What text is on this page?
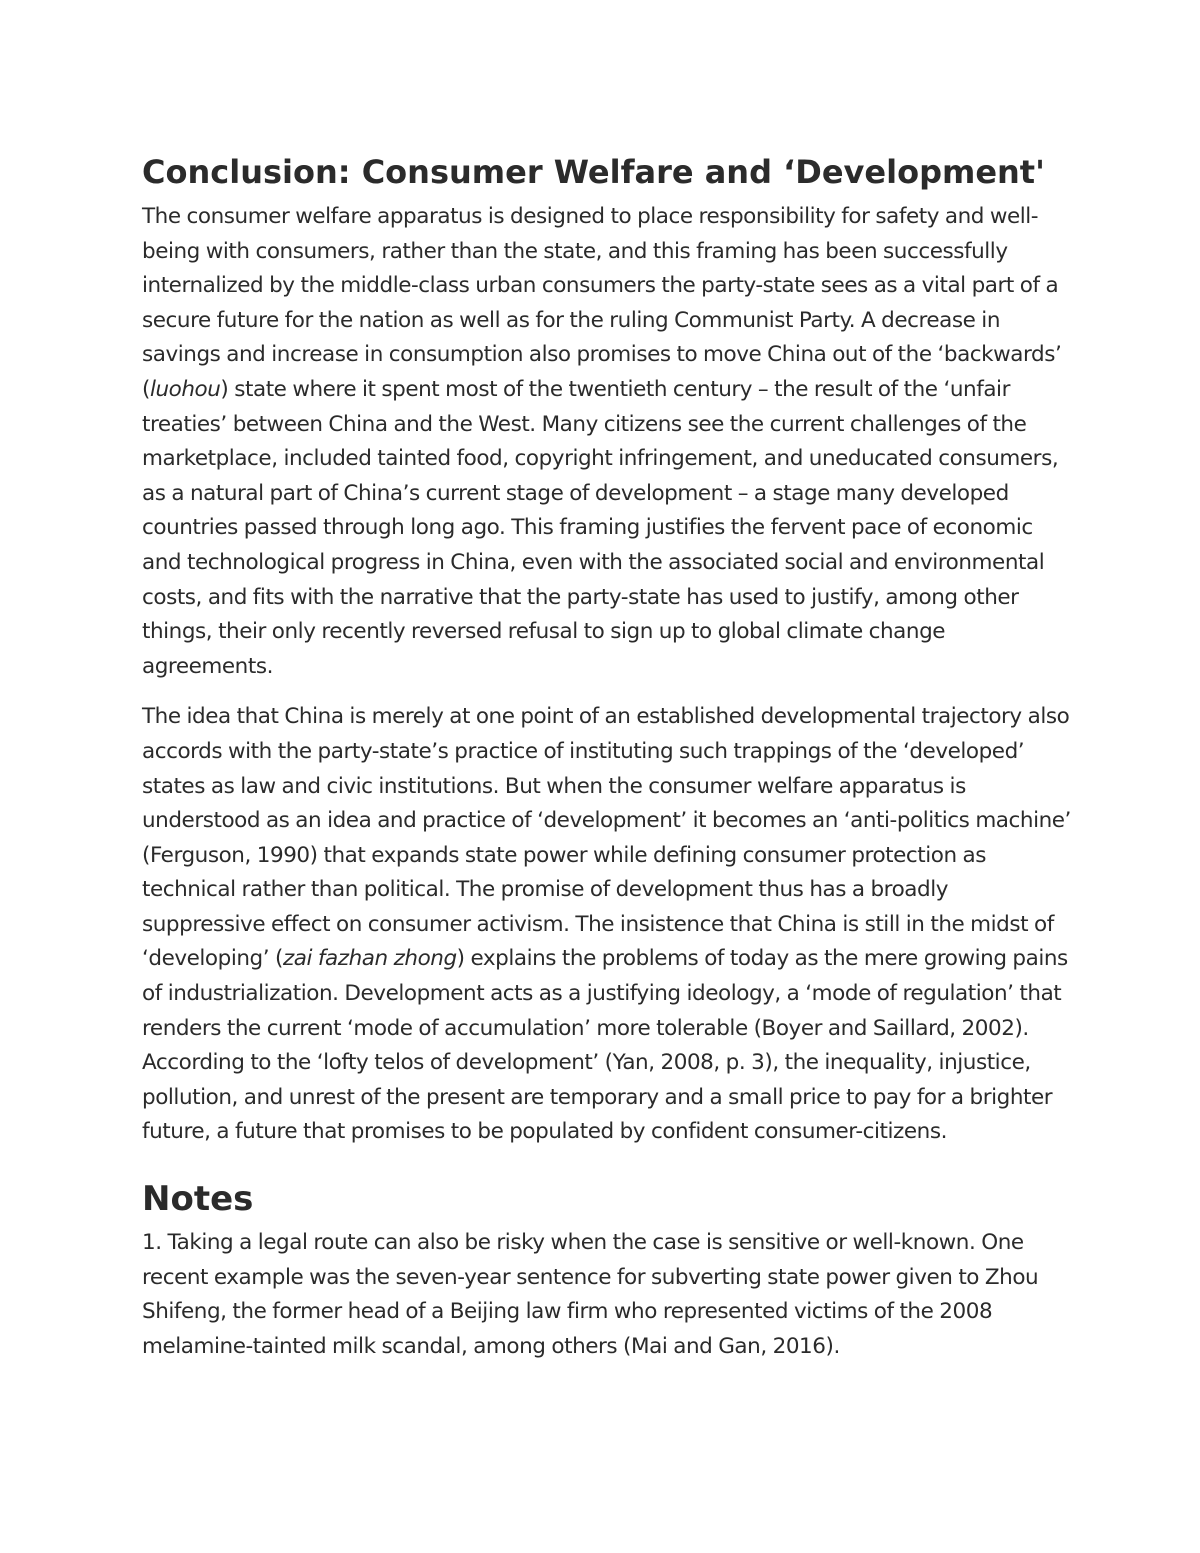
Conclusion: Consumer Welfare and ‘Development'

The consumer welfare apparatus is designed to place responsibility for safety and well-being with consumers, rather than the state, and this framing has been successfully internalized by the middle-class urban consumers the party-state sees as a vital part of a secure future for the nation as well as for the ruling Communist Party. A decrease in savings and increase in consumption also promises to move China out of the ‘backwards’ (luohou) state where it spent most of the twentieth century – the result of the ‘unfair treaties’ between China and the West. Many citizens see the current challenges of the marketplace, included tainted food, copyright infringement, and uneducated consumers, as a natural part of China’s current stage of development – a stage many developed countries passed through long ago. This framing justifies the fervent pace of economic and technological progress in China, even with the associated social and environmental costs, and fits with the narrative that the party-state has used to justify, among other things, their only recently reversed refusal to sign up to global climate change agreements.

The idea that China is merely at one point of an established developmental trajectory also accords with the party-state’s practice of instituting such trappings of the ‘developed’ states as law and civic institutions. But when the consumer welfare apparatus is understood as an idea and practice of ‘development’ it becomes an ‘anti-politics machine’ (Ferguson, 1990) that expands state power while defining consumer protection as technical rather than political. The promise of development thus has a broadly suppressive effect on consumer activism. The insistence that China is still in the midst of ‘developing’ (zai fazhan zhong) explains the problems of today as the mere growing pains of industrialization. Development acts as a justifying ideology, a ‘mode of regulation’ that renders the current ‘mode of accumulation’ more tolerable (Boyer and Saillard, 2002). According to the ‘lofty telos of development’ (Yan, 2008, p. 3), the inequality, injustice, pollution, and unrest of the present are temporary and a small price to pay for a brighter future, a future that promises to be populated by confident consumer-citizens.

Notes

1. Taking a legal route can also be risky when the case is sensitive or well-known. One recent example was the seven-year sentence for subverting state power given to Zhou Shifeng, the former head of a Beijing law firm who represented victims of the 2008 melamine-tainted milk scandal, among others (Mai and Gan, 2016).
